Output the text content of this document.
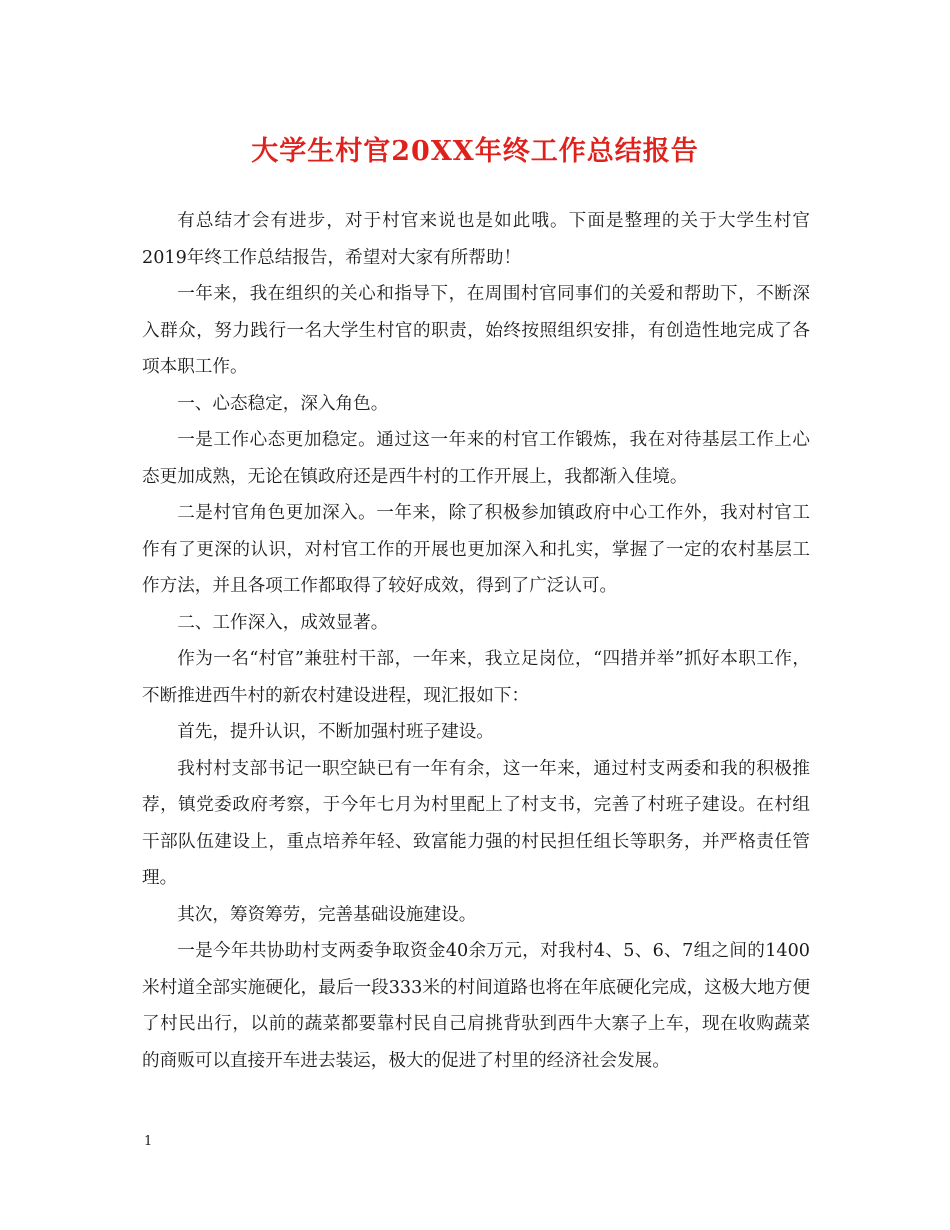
大学生村官20XX年终工作总结报告

有总结才会有进步，对于村官来说也是如此哦。下面是整理的关于大学生村官2019年终工作总结报告，希望对大家有所帮助！

一年来，我在组织的关心和指导下，在周围村官同事们的关爱和帮助下，不断深入群众，努力践行一名大学生村官的职责，始终按照组织安排，有创造性地完成了各项本职工作。

一、心态稳定，深入角色。

一是工作心态更加稳定。通过这一年来的村官工作锻炼，我在对待基层工作上心态更加成熟，无论在镇政府还是西牛村的工作开展上，我都渐入佳境。

二是村官角色更加深入。一年来，除了积极参加镇政府中心工作外，我对村官工作有了更深的认识，对村官工作的开展也更加深入和扎实，掌握了一定的农村基层工作方法，并且各项工作都取得了较好成效，得到了广泛认可。

二、工作深入，成效显著。

作为一名“村官”兼驻村干部，一年来，我立足岗位，“四措并举”抓好本职工作，不断推进西牛村的新农村建设进程，现汇报如下：

首先，提升认识，不断加强村班子建设。

我村村支部书记一职空缺已有一年有余，这一年来，通过村支两委和我的积极推荐，镇党委政府考察，于今年七月为村里配上了村支书，完善了村班子建设。在村组干部队伍建设上，重点培养年轻、致富能力强的村民担任组长等职务，并严格责任管理。

其次，筹资筹劳，完善基础设施建设。

一是今年共协助村支两委争取资金40余万元，对我村4、5、6、7组之间的1400米村道全部实施硬化，最后一段333米的村间道路也将在年底硬化完成，这极大地方便了村民出行，以前的蔬菜都要靠村民自己肩挑背驮到西牛大寨子上车，现在收购蔬菜的商贩可以直接开车进去装运，极大的促进了村里的经济社会发展。

1
